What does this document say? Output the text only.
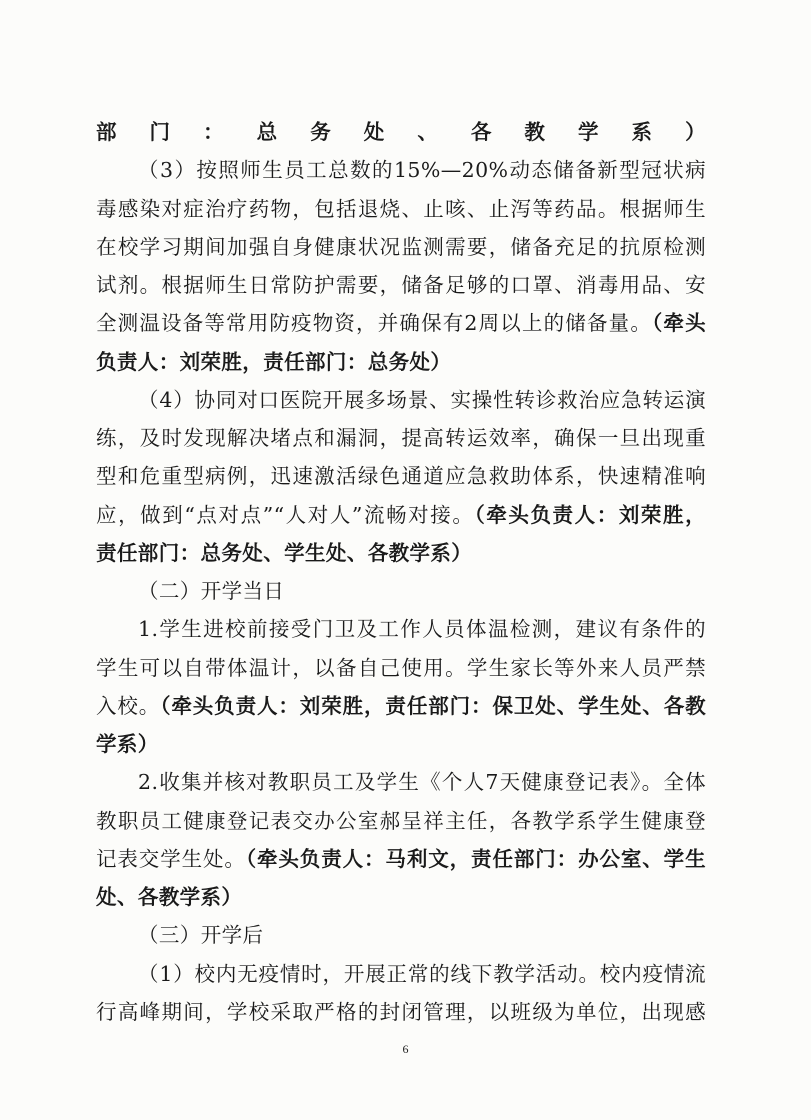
部门：总务处、各教学系）
（3）按照师生员工总数的15%—20%动态储备新型冠状病
毒感染对症治疗药物，包括退烧、止咳、止泻等药品。根据师生
在校学习期间加强自身健康状况监测需要，储备充足的抗原检测
试剂。根据师生日常防护需要，储备足够的口罩、消毒用品、安
全测温设备等常用防疫物资，并确保有2周以上的储备量。（牵头
负责人：刘荣胜，责任部门：总务处）
（4）协同对口医院开展多场景、实操性转诊救治应急转运演
练，及时发现解决堵点和漏洞，提高转运效率，确保一旦出现重
型和危重型病例，迅速激活绿色通道应急救助体系，快速精准响
应，做到“点对点”“人对人”流畅对接。（牵头负责人：刘荣胜，
责任部门：总务处、学生处、各教学系）
（二）开学当日
1.学生进校前接受门卫及工作人员体温检测，建议有条件的
学生可以自带体温计，以备自己使用。学生家长等外来人员严禁
入校。（牵头负责人：刘荣胜，责任部门：保卫处、学生处、各教
学系）
2.收集并核对教职员工及学生《个人7天健康登记表》。全体
教职员工健康登记表交办公室郝呈祥主任，各教学系学生健康登
记表交学生处。（牵头负责人：马利文，责任部门：办公室、学生
处、各教学系）
（三）开学后
（1）校内无疫情时，开展正常的线下教学活动。校内疫情流
行高峰期间，学校采取严格的封闭管理，以班级为单位，出现感
6
